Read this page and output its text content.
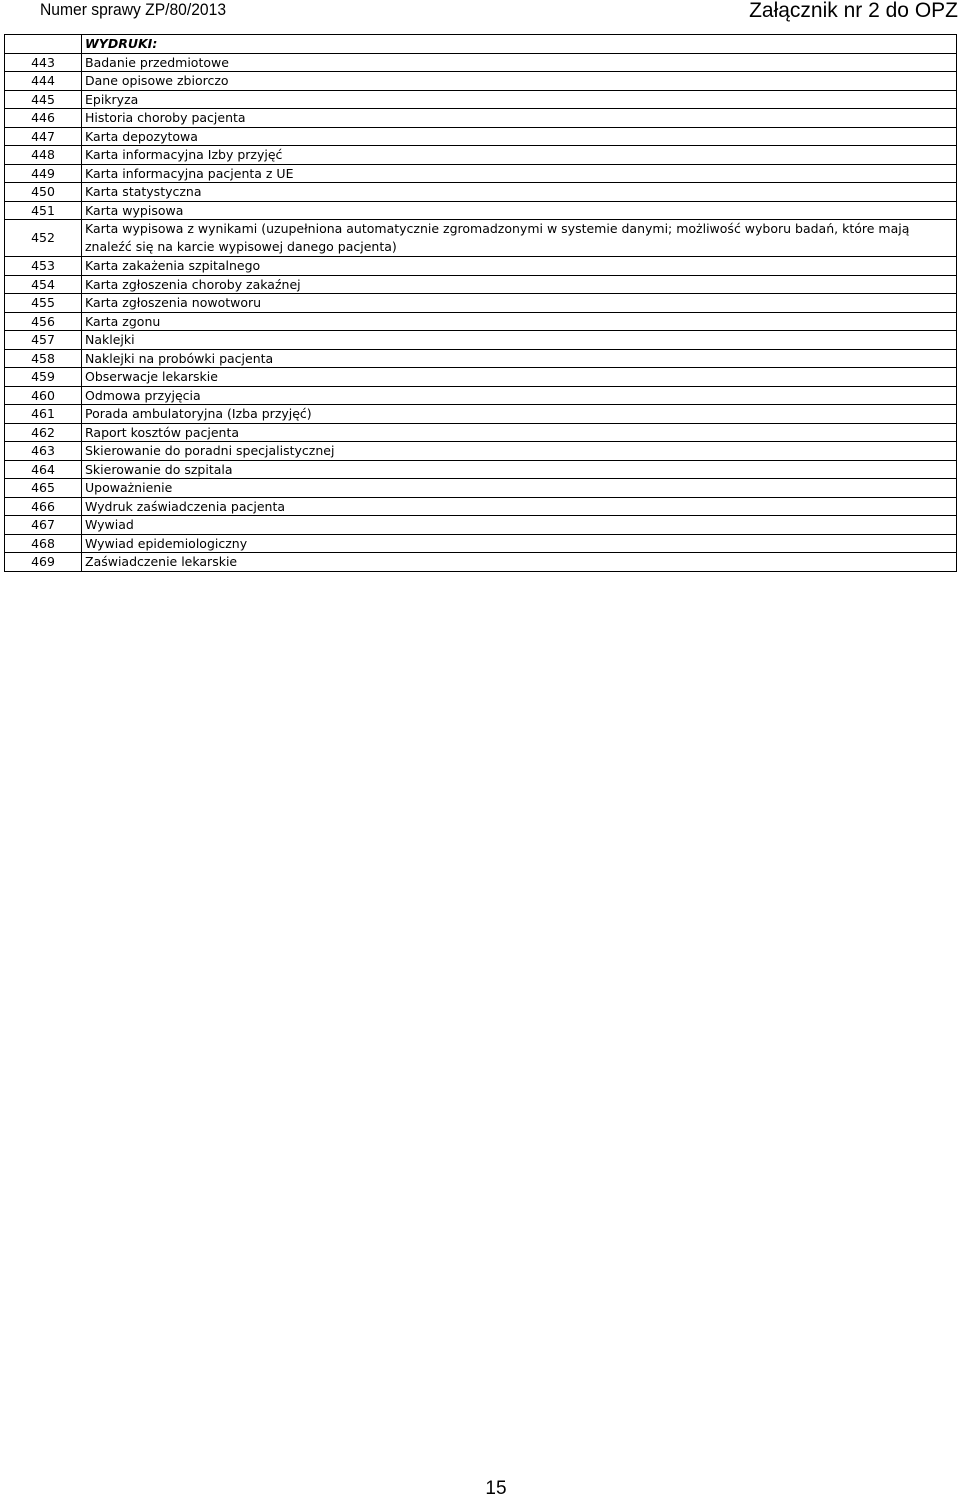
Numer sprawy ZP/80/2013	Załącznik nr 2 do OPZ
	WYDRUKI:
443	Badanie przedmiotowe
444	Dane opisowe zbiorczo
445	Epikryza
446	Historia choroby pacjenta
447	Karta depozytowa
448	Karta informacyjna Izby przyjęć
449	Karta informacyjna pacjenta z UE
450	Karta statystyczna
451	Karta wypisowa
452	Karta wypisowa z wynikami (uzupełniona automatycznie zgromadzonymi w systemie danymi; możliwość wyboru badań, które mają znaleźć się na karcie wypisowej danego pacjenta)
453	Karta zakażenia szpitalnego
454	Karta zgłoszenia choroby zakaźnej
455	Karta zgłoszenia nowotworu
456	Karta zgonu
457	Naklejki
458	Naklejki na probówki pacjenta
459	Obserwacje lekarskie
460	Odmowa przyjęcia
461	Porada ambulatoryjna (Izba przyjęć)
462	Raport kosztów pacjenta
463	Skierowanie do poradni specjalistycznej
464	Skierowanie do szpitala
465	Upoważnienie
466	Wydruk zaświadczenia pacjenta
467	Wywiad
468	Wywiad epidemiologiczny
469	Zaświadczenie lekarskie
15
